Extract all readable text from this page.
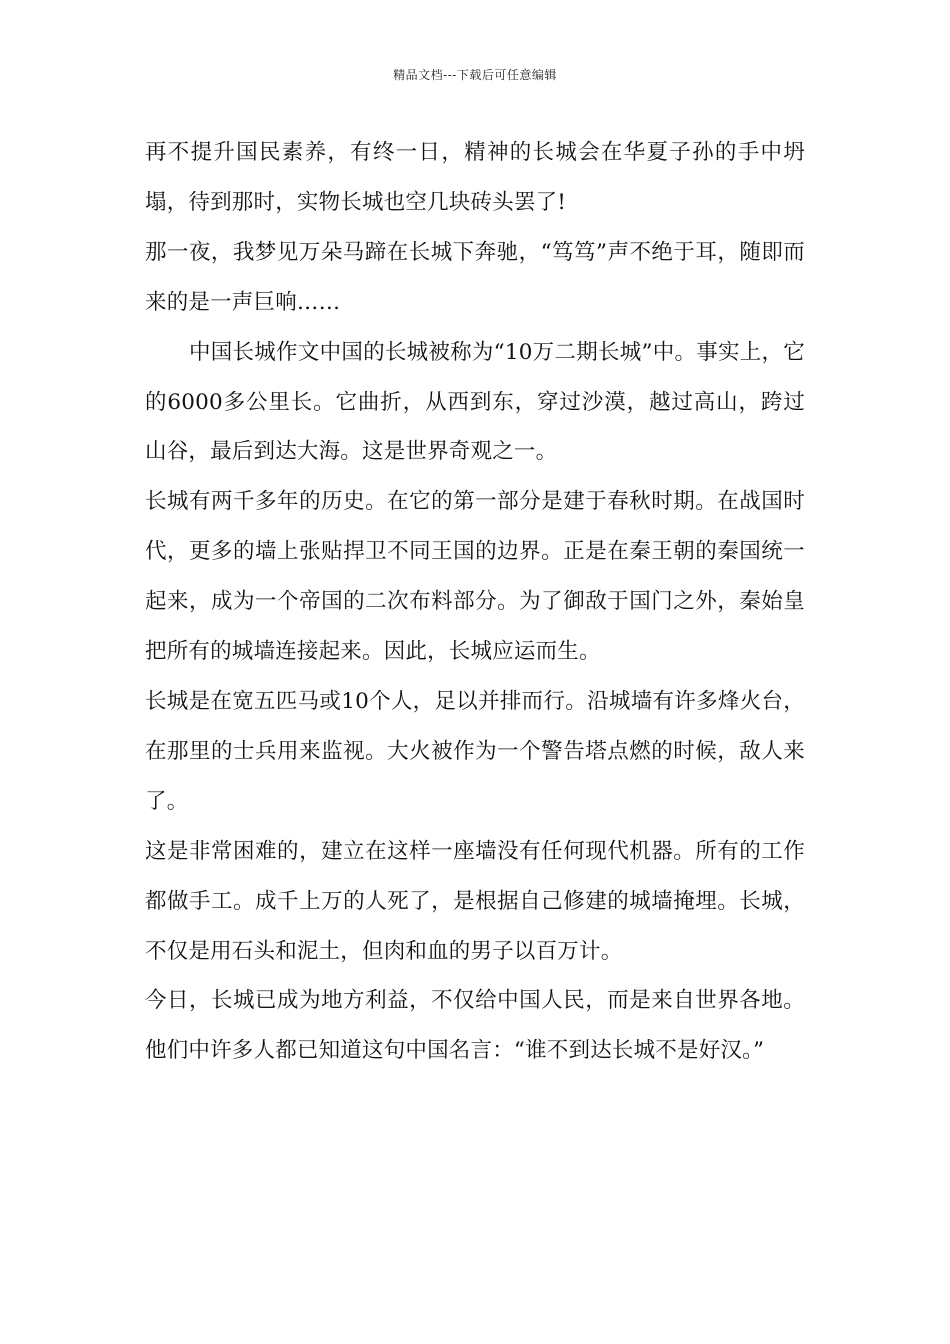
精品文档---下载后可任意编辑

再不提升国民素养，有终一日，精神的长城会在华夏子孙的手中坍塌，待到那时，实物长城也空几块砖头罢了!

那一夜，我梦见万朵马蹄在长城下奔驰，“笃笃”声不绝于耳，随即而来的是一声巨响……

中国长城作文中国的长城被称为“10万二期长城”中。事实上，它的6000多公里长。它曲折，从西到东，穿过沙漠，越过高山，跨过山谷，最后到达大海。这是世界奇观之一。

长城有两千多年的历史。在它的第一部分是建于春秋时期。在战国时代，更多的墙上张贴捍卫不同王国的边界。正是在秦王朝的秦国统一起来，成为一个帝国的二次布料部分。为了御敌于国门之外，秦始皇把所有的城墙连接起来。因此，长城应运而生。

长城是在宽五匹马或10个人，足以并排而行。沿城墙有许多烽火台，在那里的士兵用来监视。大火被作为一个警告塔点燃的时候，敌人来了。

这是非常困难的，建立在这样一座墙没有任何现代机器。所有的工作都做手工。成千上万的人死了，是根据自己修建的城墙掩埋。长城，不仅是用石头和泥土，但肉和血的男子以百万计。

今日，长城已成为地方利益，不仅给中国人民，而是来自世界各地。他们中许多人都已知道这句中国名言：“谁不到达长城不是好汉。”
